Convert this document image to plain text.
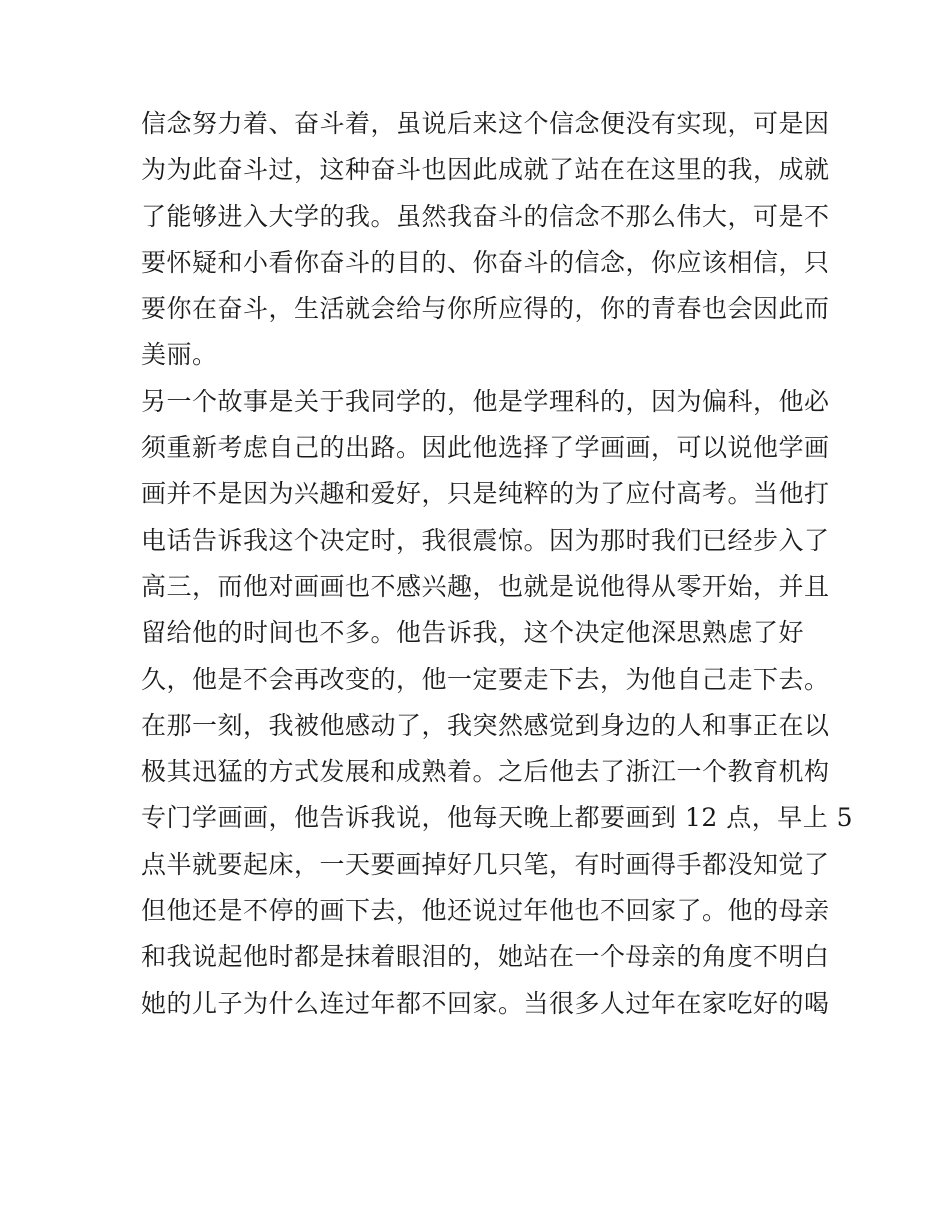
信念努力着、奋斗着，虽说后来这个信念便没有实现，可是因
为为此奋斗过，这种奋斗也因此成就了站在在这里的我，成就
了能够进入大学的我。虽然我奋斗的信念不那么伟大，可是不
要怀疑和小看你奋斗的目的、你奋斗的信念，你应该相信，只
要你在奋斗，生活就会给与你所应得的，你的青春也会因此而
美丽。
另一个故事是关于我同学的，他是学理科的，因为偏科，他必
须重新考虑自己的出路。因此他选择了学画画，可以说他学画
画并不是因为兴趣和爱好，只是纯粹的为了应付高考。当他打
电话告诉我这个决定时，我很震惊。因为那时我们已经步入了
高三，而他对画画也不感兴趣，也就是说他得从零开始，并且
留给他的时间也不多。他告诉我，这个决定他深思熟虑了好
久，他是不会再改变的，他一定要走下去，为他自己走下去。
在那一刻，我被他感动了，我突然感觉到身边的人和事正在以
极其迅猛的方式发展和成熟着。之后他去了浙江一个教育机构
专门学画画，他告诉我说，他每天晚上都要画到 12 点，早上 5
点半就要起床，一天要画掉好几只笔，有时画得手都没知觉了
但他还是不停的画下去，他还说过年他也不回家了。他的母亲
和我说起他时都是抹着眼泪的，她站在一个母亲的角度不明白
她的儿子为什么连过年都不回家。当很多人过年在家吃好的喝
